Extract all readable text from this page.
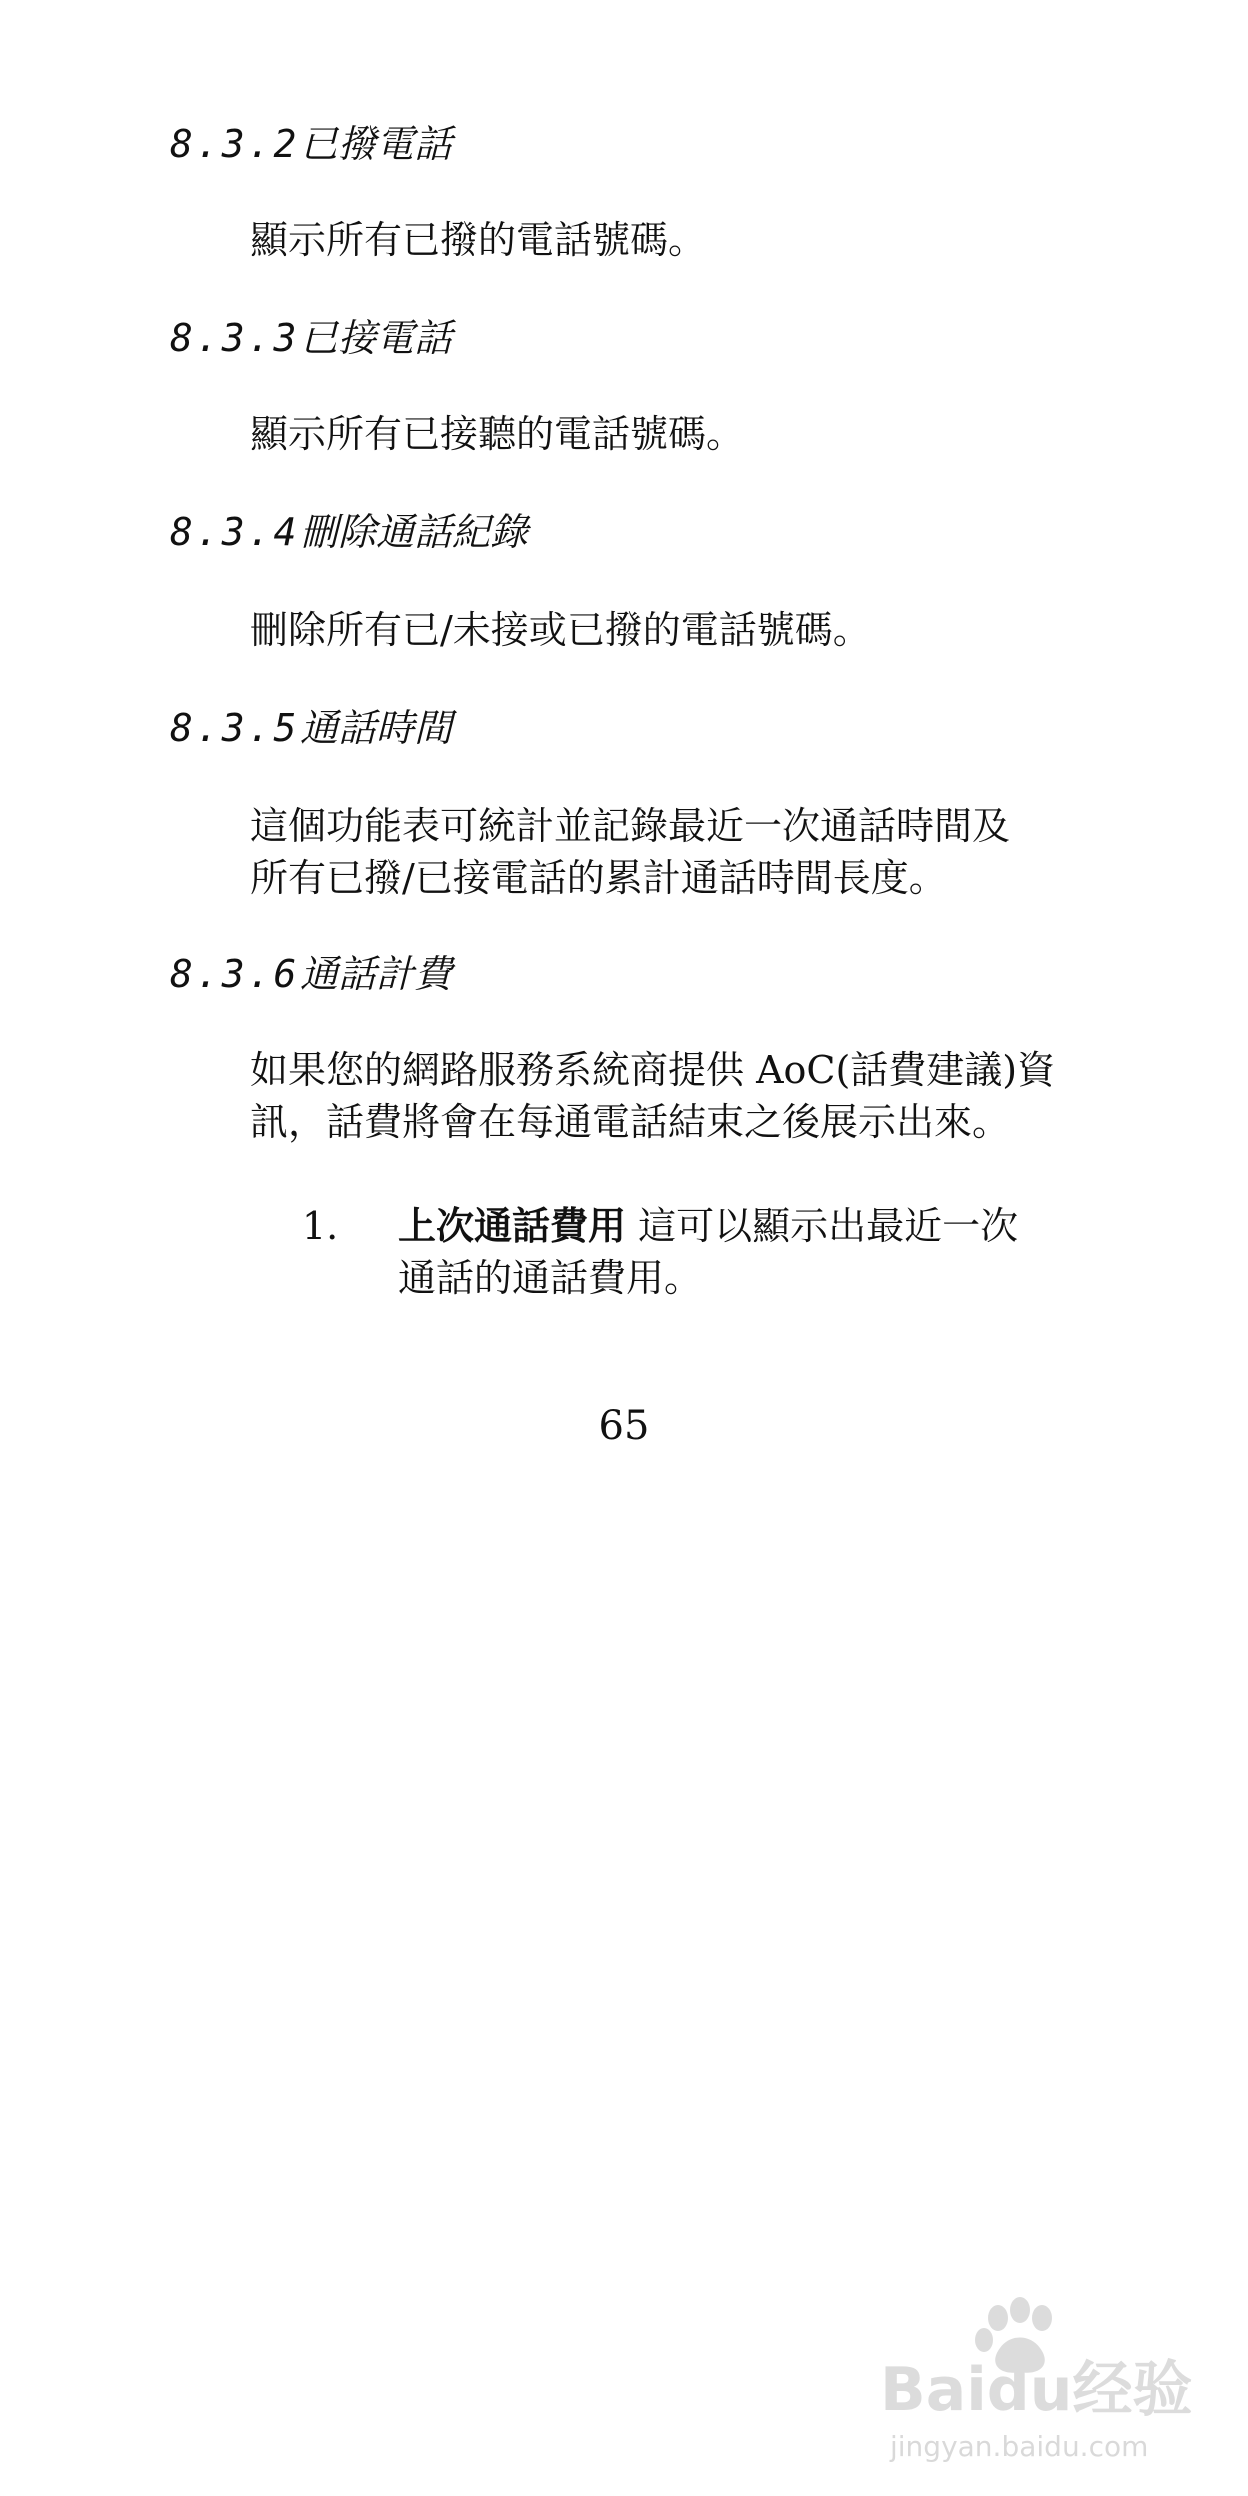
8.3.2已撥電話
顯示所有已撥的電話號碼。
8.3.3已接電話
顯示所有已接聽的電話號碼。
8.3.4刪除通話紀錄
刪除所有已/未接或已撥的電話號碼。
8.3.5通話時間
這個功能表可統計並記錄最近一次通話時間及
所有已撥/已接電話的累計通話時間長度。
8.3.6通話計費
如果您的網路服務系統商提供 AoC(話費建議)資
訊，話費將會在每通電話結束之後展示出來。
1. 上次通話費用 這可以顯示出最近一次
通話的通話費用。
65
Baidu经验
jingyan.baidu.com
